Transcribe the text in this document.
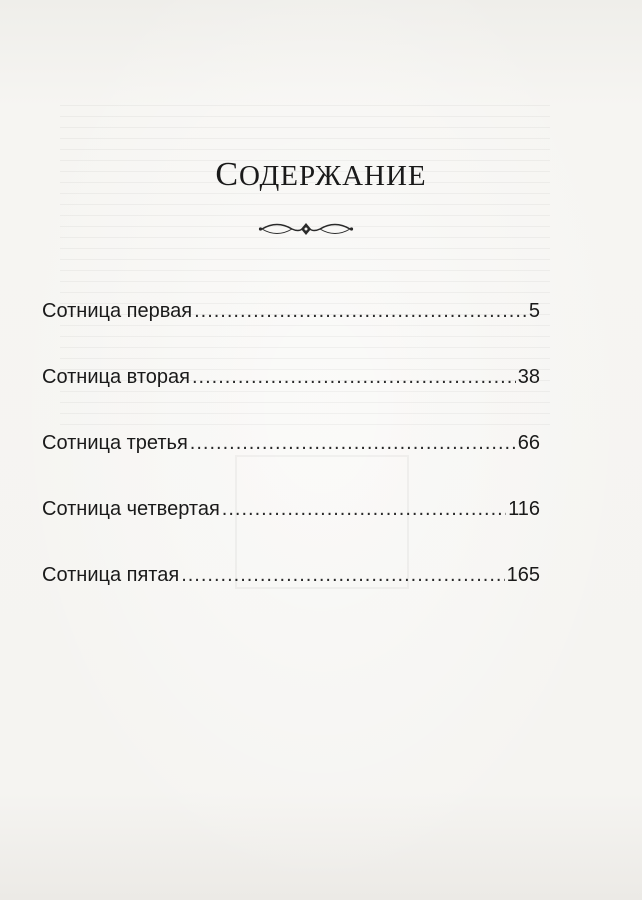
СОДЕРЖАНИЕ
Сотница первая .....	5
Сотница вторая .....	38
Сотница третья .....	66
Сотница четвертая .....	116
Сотница пятая .....	165
